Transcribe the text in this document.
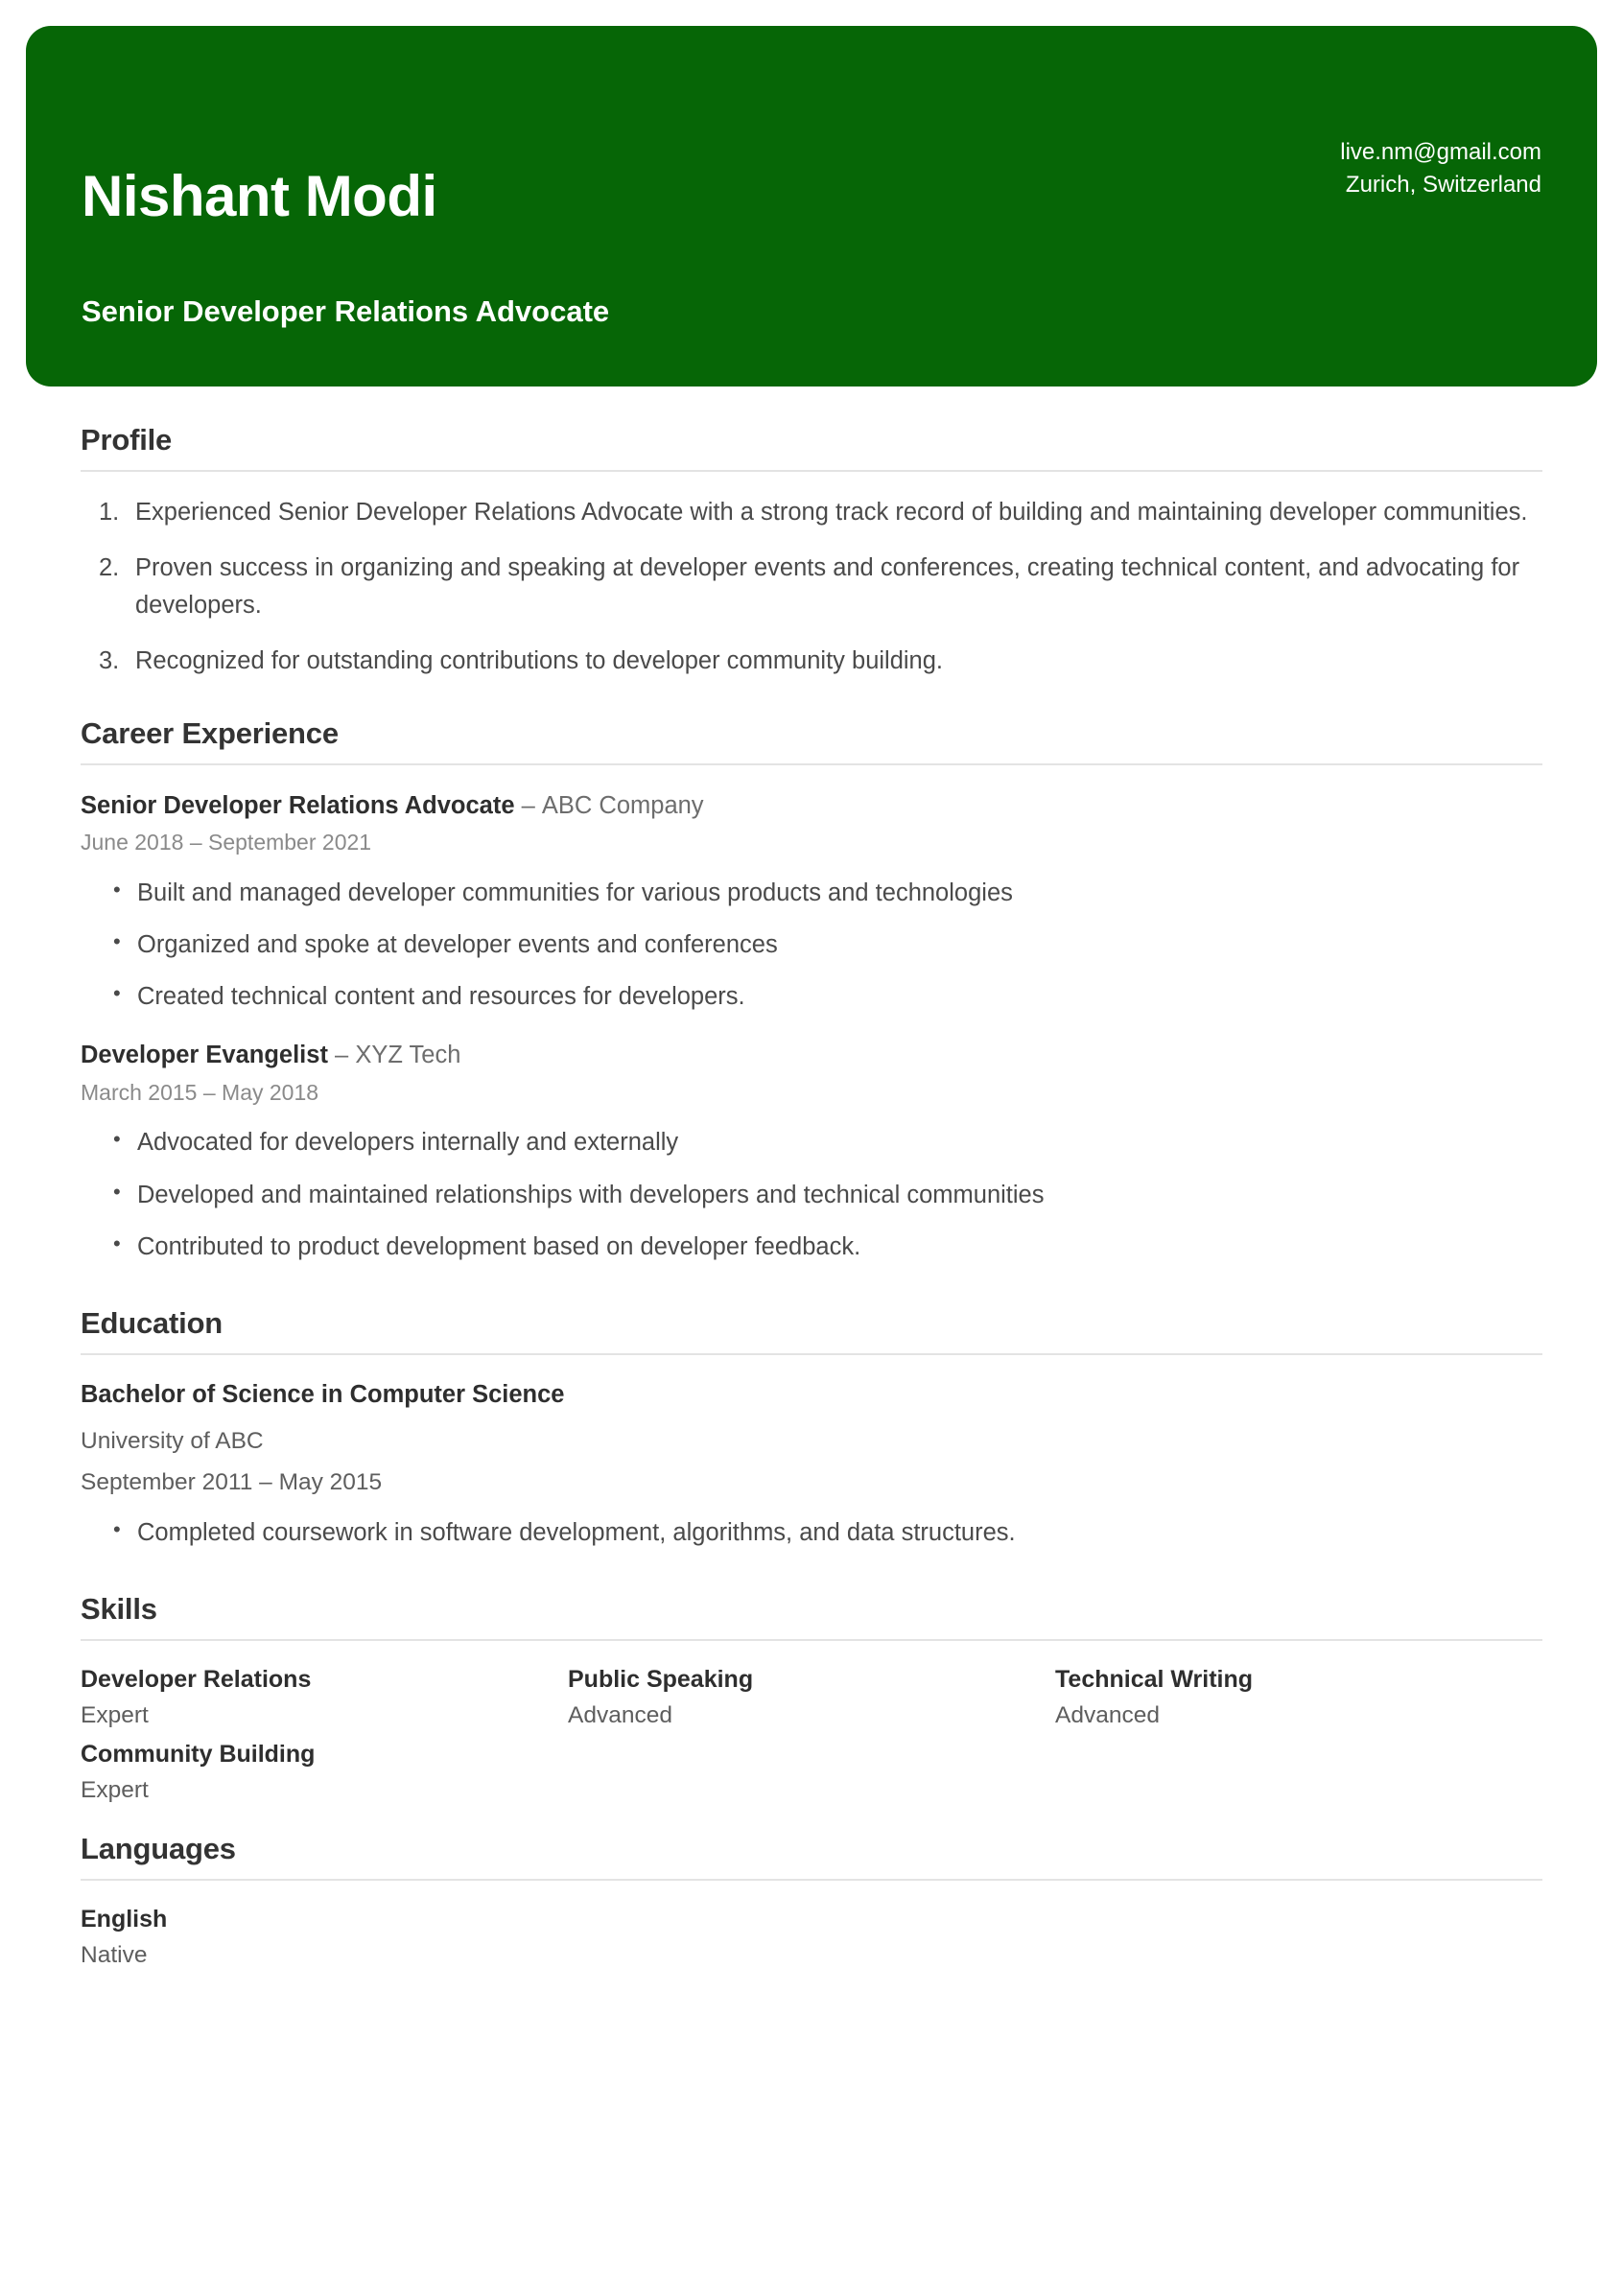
Nishant Modi
Senior Developer Relations Advocate
live.nm@gmail.com
Zurich, Switzerland
Profile
1. Experienced Senior Developer Relations Advocate with a strong track record of building and maintaining developer communities.
2. Proven success in organizing and speaking at developer events and conferences, creating technical content, and advocating for developers.
3. Recognized for outstanding contributions to developer community building.
Career Experience
Senior Developer Relations Advocate – ABC Company
June 2018 – September 2021
• Built and managed developer communities for various products and technologies
• Organized and spoke at developer events and conferences
• Created technical content and resources for developers.
Developer Evangelist – XYZ Tech
March 2015 – May 2018
• Advocated for developers internally and externally
• Developed and maintained relationships with developers and technical communities
• Contributed to product development based on developer feedback.
Education
Bachelor of Science in Computer Science
University of ABC
September 2011 – May 2015
• Completed coursework in software development, algorithms, and data structures.
Skills
Developer Relations
Expert
Public Speaking
Advanced
Technical Writing
Advanced
Community Building
Expert
Languages
English
Native
